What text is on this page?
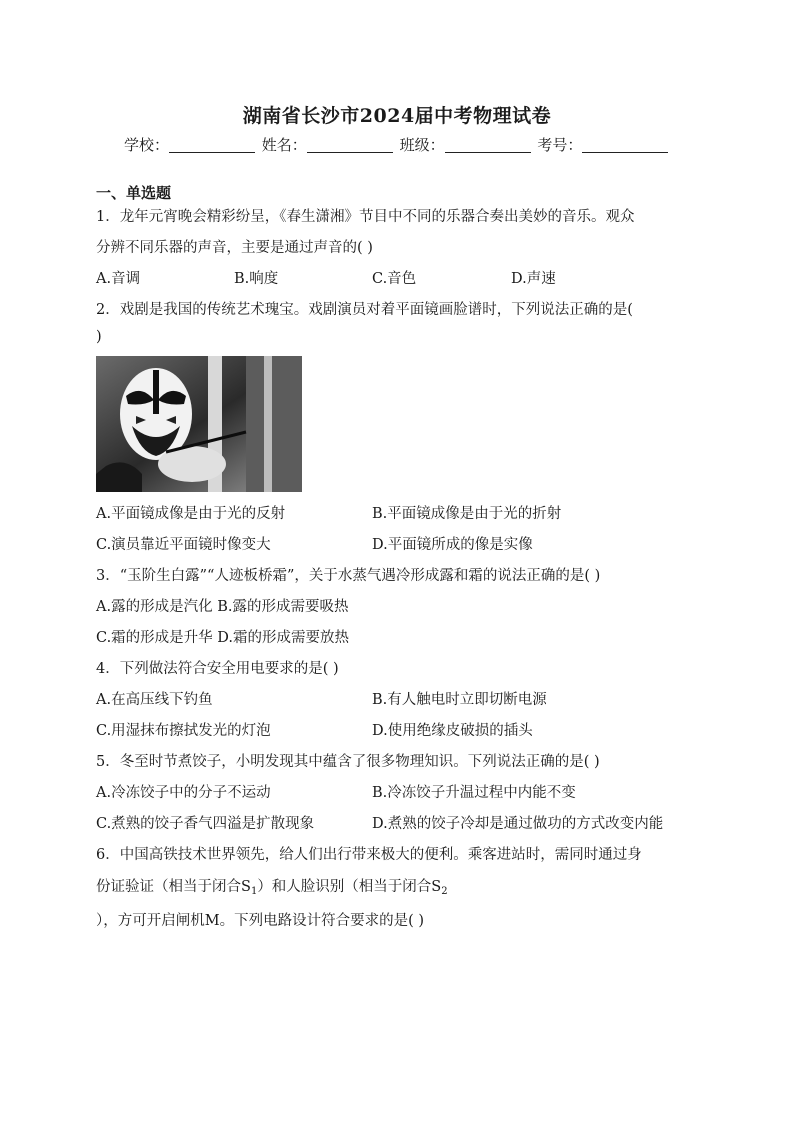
湖南省长沙市2024届中考物理试卷
学校：	姓名：	班级：	考号：
一、单选题
1．龙年元宵晚会精彩纷呈，《春生潇湘》节目中不同的乐器合奏出美妙的音乐。观众
分辨不同乐器的声音，主要是通过声音的( )
A.音调	B.响度	C.音色	D.声速
2．戏剧是我国的传统艺术瑰宝。戏剧演员对着平面镜画脸谱时，下列说法正确的是(
)
A.平面镜成像是由于光的反射	B.平面镜成像是由于光的折射
C.演员靠近平面镜时像变大	D.平面镜所成的像是实像
3．“玉阶生白露”“人迹板桥霜”，关于水蒸气遇冷形成露和霜的说法正确的是( )
A.露的形成是汽化 B.露的形成需要吸热
C.霜的形成是升华 D.霜的形成需要放热
4．下列做法符合安全用电要求的是( )
A.在高压线下钓鱼	B.有人触电时立即切断电源
C.用湿抹布擦拭发光的灯泡	D.使用绝缘皮破损的插头
5．冬至时节煮饺子，小明发现其中蕴含了很多物理知识。下列说法正确的是( )
A.冷冻饺子中的分子不运动	B.冷冻饺子升温过程中内能不变
C.煮熟的饺子香气四溢是扩散现象	D.煮熟的饺子冷却是通过做功的方式改变内能
6．中国高铁技术世界领先，给人们出行带来极大的便利。乘客进站时，需同时通过身
份证验证（相当于闭合$S_1$）和人脸识别（相当于闭合$S_2$
），方可开启闸机M。下列电路设计符合要求的是( )
